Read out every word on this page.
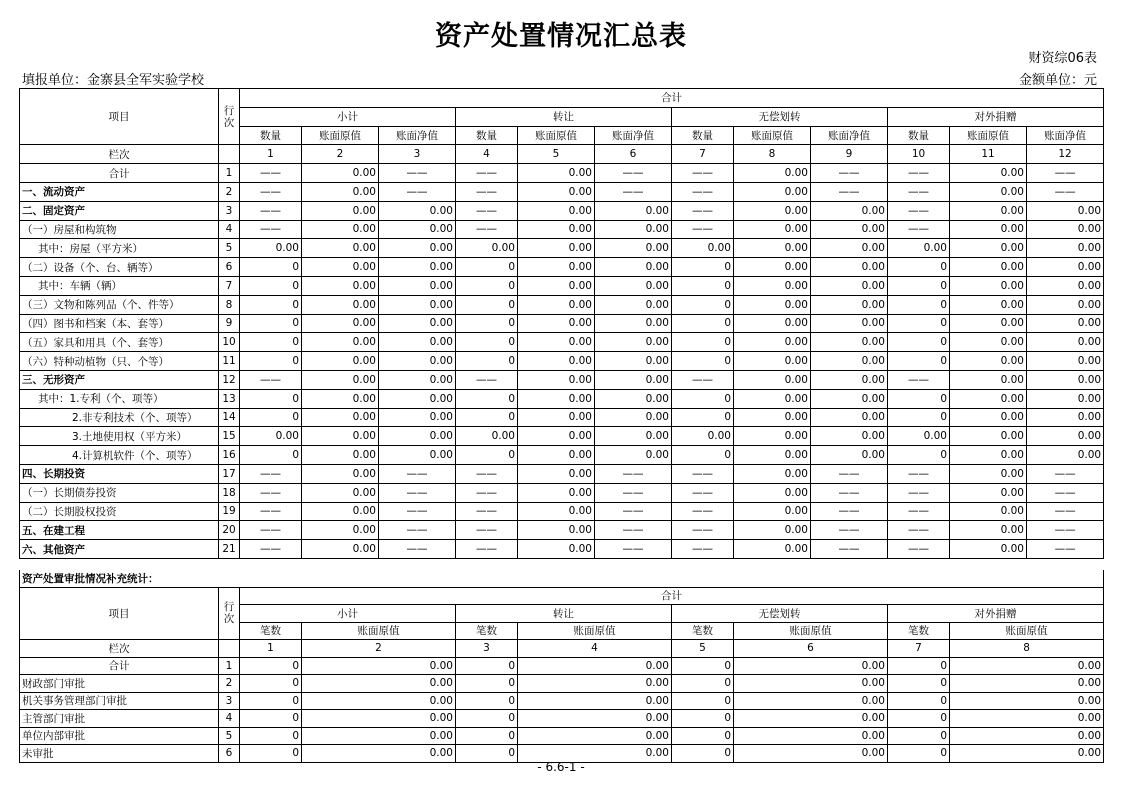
资产处置情况汇总表
财资综06表
填报单位：金寨县全军实验学校	金额单位：元
项目	行次	合计											
		小计			转让			无偿划转			对外捐赠		
		数量	账面原值	账面净值	数量	账面原值	账面净值	数量	账面原值	账面净值	数量	账面原值	账面净值
栏次		1	2	3	4	5	6	7	8	9	10	11	12
合计	1	——	0.00	——	——	0.00	——	——	0.00	——	——	0.00	——
一、流动资产	2	——	0.00	——	——	0.00	——	——	0.00	——	——	0.00	——
二、固定资产	3	——	0.00	0.00	——	0.00	0.00	——	0.00	0.00	——	0.00	0.00
（一）房屋和构筑物	4	——	0.00	0.00	——	0.00	0.00	——	0.00	0.00	——	0.00	0.00
其中：房屋（平方米）	5	0.00	0.00	0.00	0.00	0.00	0.00	0.00	0.00	0.00	0.00	0.00	0.00
（二）设备（个、台、辆等）	6	0	0.00	0.00	0	0.00	0.00	0	0.00	0.00	0	0.00	0.00
其中：车辆（辆）	7	0	0.00	0.00	0	0.00	0.00	0	0.00	0.00	0	0.00	0.00
（三）文物和陈列品（个、件等）	8	0	0.00	0.00	0	0.00	0.00	0	0.00	0.00	0	0.00	0.00
（四）图书和档案（本、套等）	9	0	0.00	0.00	0	0.00	0.00	0	0.00	0.00	0	0.00	0.00
（五）家具和用具（个、套等）	10	0	0.00	0.00	0	0.00	0.00	0	0.00	0.00	0	0.00	0.00
（六）特种动植物（只、个等）	11	0	0.00	0.00	0	0.00	0.00	0	0.00	0.00	0	0.00	0.00
三、无形资产	12	——	0.00	0.00	——	0.00	0.00	——	0.00	0.00	——	0.00	0.00
其中：1.专利（个、项等）	13	0	0.00	0.00	0	0.00	0.00	0	0.00	0.00	0	0.00	0.00
2.非专利技术（个、项等）	14	0	0.00	0.00	0	0.00	0.00	0	0.00	0.00	0	0.00	0.00
3.土地使用权（平方米）	15	0.00	0.00	0.00	0.00	0.00	0.00	0.00	0.00	0.00	0.00	0.00	0.00
4.计算机软件（个、项等）	16	0	0.00	0.00	0	0.00	0.00	0	0.00	0.00	0	0.00	0.00
四、长期投资	17	——	0.00	——	——	0.00	——	——	0.00	——	——	0.00	——
（一）长期债券投资	18	——	0.00	——	——	0.00	——	——	0.00	——	——	0.00	——
（二）长期股权投资	19	——	0.00	——	——	0.00	——	——	0.00	——	——	0.00	——
五、在建工程	20	——	0.00	——	——	0.00	——	——	0.00	——	——	0.00	——
六、其他资产	21	——	0.00	——	——	0.00	——	——	0.00	——	——	0.00	——
资产处置审批情况补充统计：									
项目	行次	合计							
		小计		转让		无偿划转		对外捐赠	
		笔数	账面原值	笔数	账面原值	笔数	账面原值	笔数	账面原值
栏次		1	2	3	4	5	6	7	8
合计	1	0	0.00	0	0.00	0	0.00	0	0.00
财政部门审批	2	0	0.00	0	0.00	0	0.00	0	0.00
机关事务管理部门审批	3	0	0.00	0	0.00	0	0.00	0	0.00
主管部门审批	4	0	0.00	0	0.00	0	0.00	0	0.00
单位内部审批	5	0	0.00	0	0.00	0	0.00	0	0.00
未审批	6	0	0.00	0	0.00	0	0.00	0	0.00
- 6.6-1 -
